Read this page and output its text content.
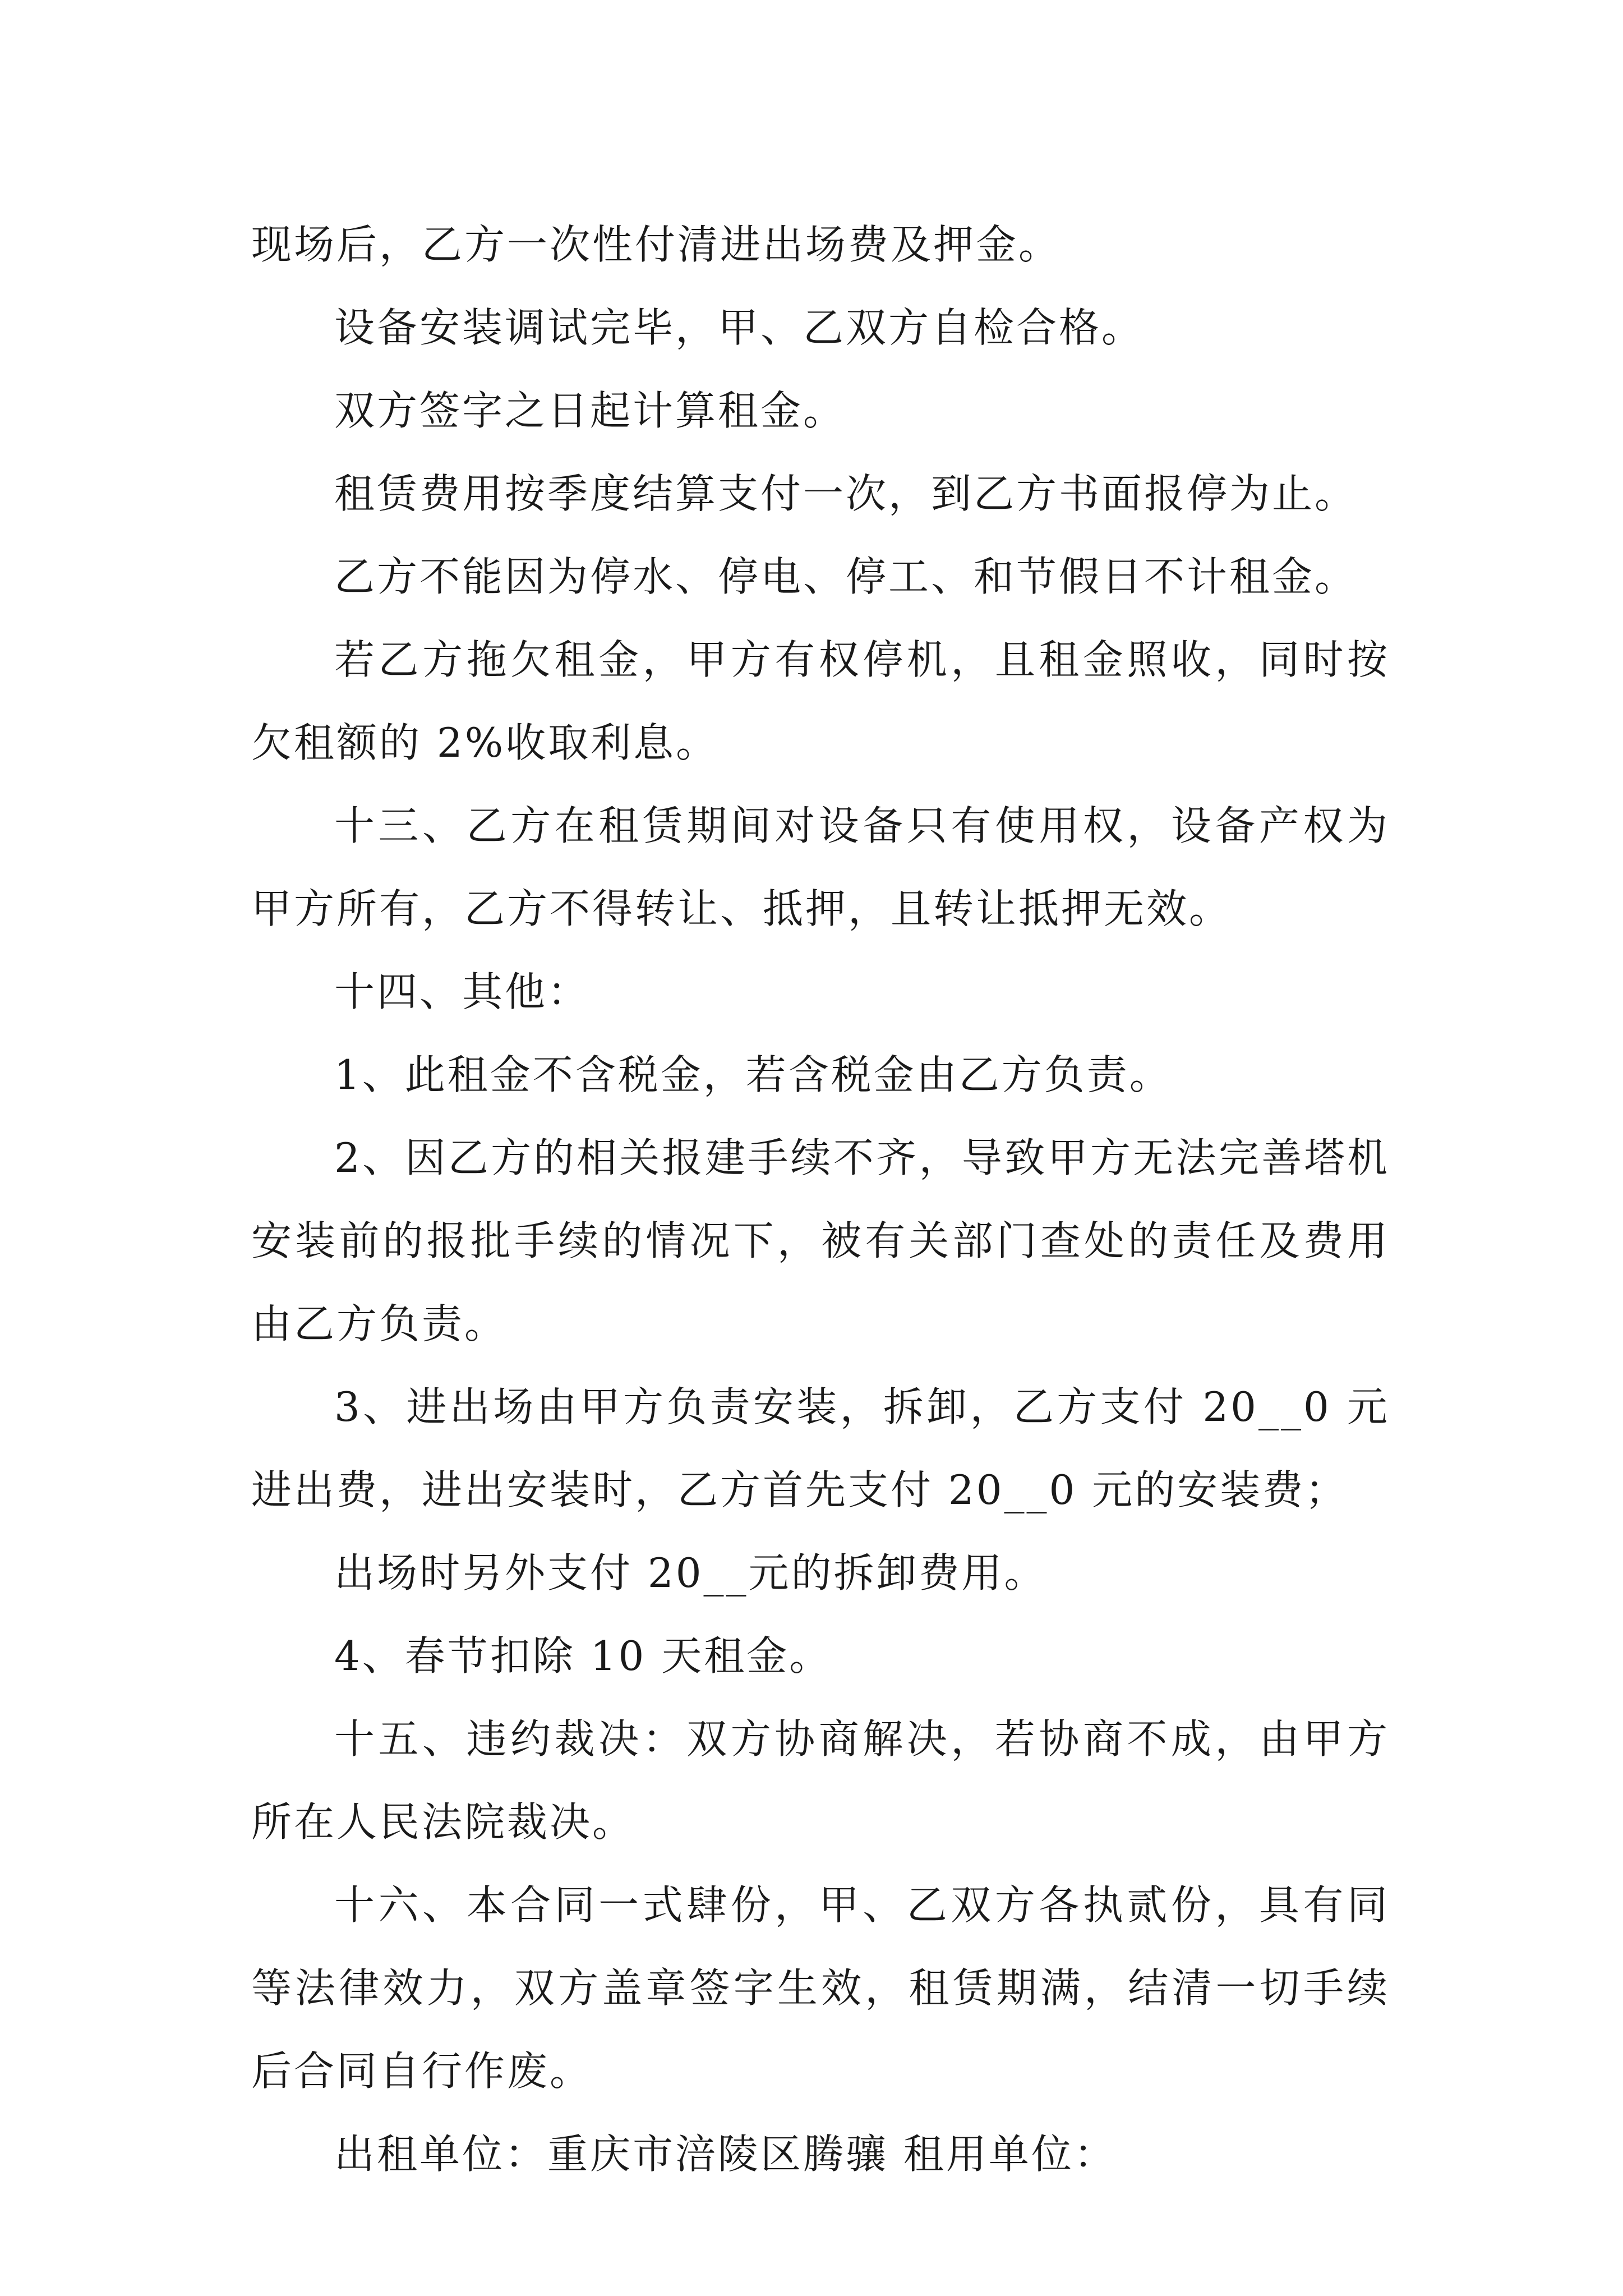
现场后，乙方一次性付清进出场费及押金。

设备安装调试完毕，甲、乙双方自检合格。

双方签字之日起计算租金。

租赁费用按季度结算支付一次，到乙方书面报停为止。

乙方不能因为停水、停电、停工、和节假日不计租金。

若乙方拖欠租金，甲方有权停机，且租金照收，同时按欠租额的 2%收取利息。

十三、乙方在租赁期间对设备只有使用权，设备产权为甲方所有，乙方不得转让、抵押，且转让抵押无效。

十四、其他：

1、此租金不含税金，若含税金由乙方负责。

2、因乙方的相关报建手续不齐，导致甲方无法完善塔机安装前的报批手续的情况下，被有关部门查处的责任及费用由乙方负责。

3、进出场由甲方负责安装，拆卸，乙方支付 20__0 元进出费，进出安装时，乙方首先支付 20__0 元的安装费；

出场时另外支付 20__元的拆卸费用。

4、春节扣除 10 天租金。

十五、违约裁决：双方协商解决，若协商不成，由甲方所在人民法院裁决。

十六、本合同一式肆份，甲、乙双方各执贰份，具有同等法律效力，双方盖章签字生效，租赁期满，结清一切手续后合同自行作废。

出租单位：重庆市涪陵区腾骧 租用单位：
